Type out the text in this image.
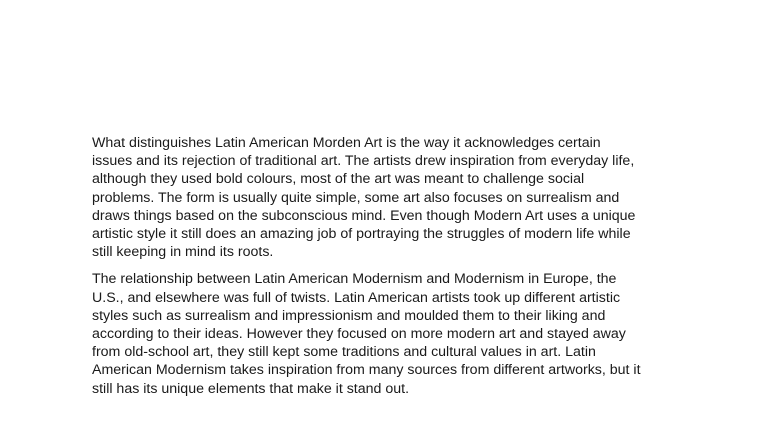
What distinguishes Latin American Morden Art is the way it acknowledges certain
issues and its rejection of traditional art. The artists drew inspiration from everyday life,
although they used bold colours, most of the art was meant to challenge social
problems. The form is usually quite simple, some art also focuses on surrealism and
draws things based on the subconscious mind. Even though Modern Art uses a unique
artistic style it still does an amazing job of portraying the struggles of modern life while
still keeping in mind its roots.

The relationship between Latin American Modernism and Modernism in Europe, the
U.S., and elsewhere was full of twists. Latin American artists took up different artistic
styles such as surrealism and impressionism and moulded them to their liking and
according to their ideas. However they focused on more modern art and stayed away
from old-school art, they still kept some traditions and cultural values in art. Latin
American Modernism takes inspiration from many sources from different artworks, but it
still has its unique elements that make it stand out.
